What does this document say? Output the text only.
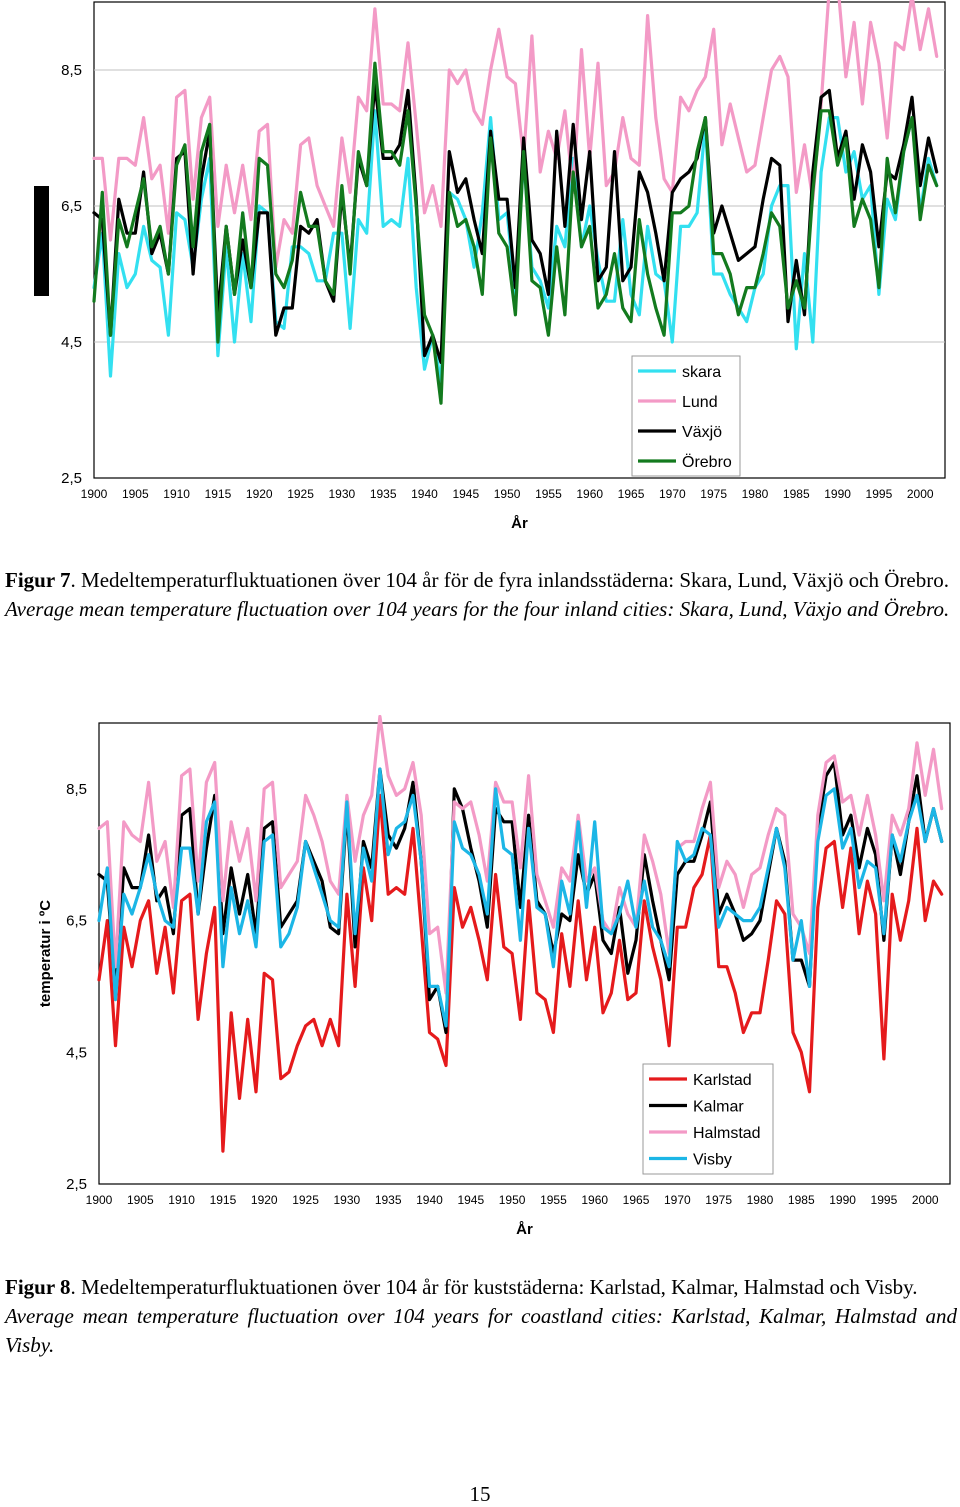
2,5
4,5
6,5
8,5
1900 1905 1910 1915 1920 1925 1930 1935 1940 1945 1950 1955 1960 1965 1970 1975 1980 1985 1990 1995 2000
År
skara
Lund
Växjö
Örebro

Figur 7. Medeltemperaturfluktuationen över 104 år för de fyra inlandsstäderna: Skara, Lund, Växjö och Örebro.

Average mean temperature fluctuation over 104 years for the four inland cities: Skara, Lund, Växjo and Örebro.

2,5
4,5
6,5
8,5
1900 1905 1910 1915 1920 1925 1930 1935 1940 1945 1950 1955 1960 1965 1970 1975 1980 1985 1990 1995 2000
År
temperatur i ºC
Karlstad
Kalmar
Halmstad
Visby

Figur 8. Medeltemperaturfluktuationen över 104 år för kuststäderna: Karlstad, Kalmar, Halmstad och Visby.

Average mean temperature fluctuation over 104 years for coastland cities: Karlstad, Kalmar, Halmstad and Visby.

15
